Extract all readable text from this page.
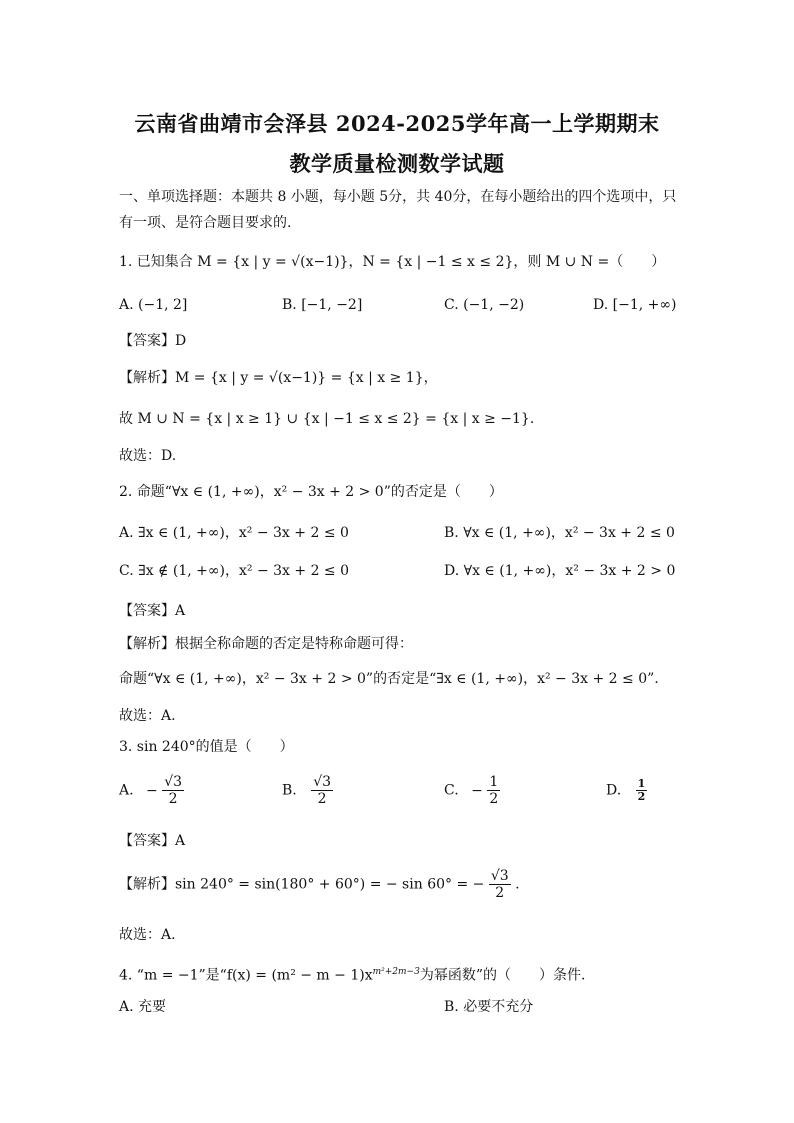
云南省曲靖市会泽县 2024-2025学年高一上学期期末
教学质量检测数学试题
一、单项选择题：本题共 8 小题，每小题 5分，共 40分，在每小题给出的四个选项中，只有一项、是符合题目要求的.
1. 已知集合 M = {x | y = √(x−1)}，N = {x | −1 ≤ x ≤ 2}，则 M ∪ N =（　　）
A. (−1, 2]	B. [−1, −2]	C. (−1, −2)	D. [−1, +∞)
【答案】D
【解析】M = {x | y = √(x−1)} = {x | x ≥ 1}，
故 M ∪ N = {x | x ≥ 1} ∪ {x | −1 ≤ x ≤ 2} = {x | x ≥ −1}.
故选：D.
2. 命题“∀x ∈ (1, +∞)，x² − 3x + 2 > 0”的否定是（　　）
A. ∃x ∈ (1, +∞)，x² − 3x + 2 ≤ 0	B. ∀x ∈ (1, +∞)，x² − 3x + 2 ≤ 0
C. ∃x ∉ (1, +∞)，x² − 3x + 2 ≤ 0	D. ∀x ∈ (1, +∞)，x² − 3x + 2 > 0
【答案】A
【解析】根据全称命题的否定是特称命题可得：
命题“∀x ∈ (1, +∞)，x² − 3x + 2 > 0”的否定是“∃x ∈ (1, +∞)，x² − 3x + 2 ≤ 0”.
故选：A.
3. sin 240°的值是（　　）
A. − $\frac{√3}{2}$	B. $\frac{√3}{2}$	C. − $\frac{1}{2}$	D. $\frac{1}{2}$
【答案】A
【解析】sin 240° = sin(180° + 60°) = − sin 60° = − $\frac{√3}{2}$ .
故选：A.
4. “m = −1”是“$f(x) = (m^2 - m - 1)x^{m^2+2m-3}$为幂函数”的（　　）条件.
A. 充要	B. 必要不充分
